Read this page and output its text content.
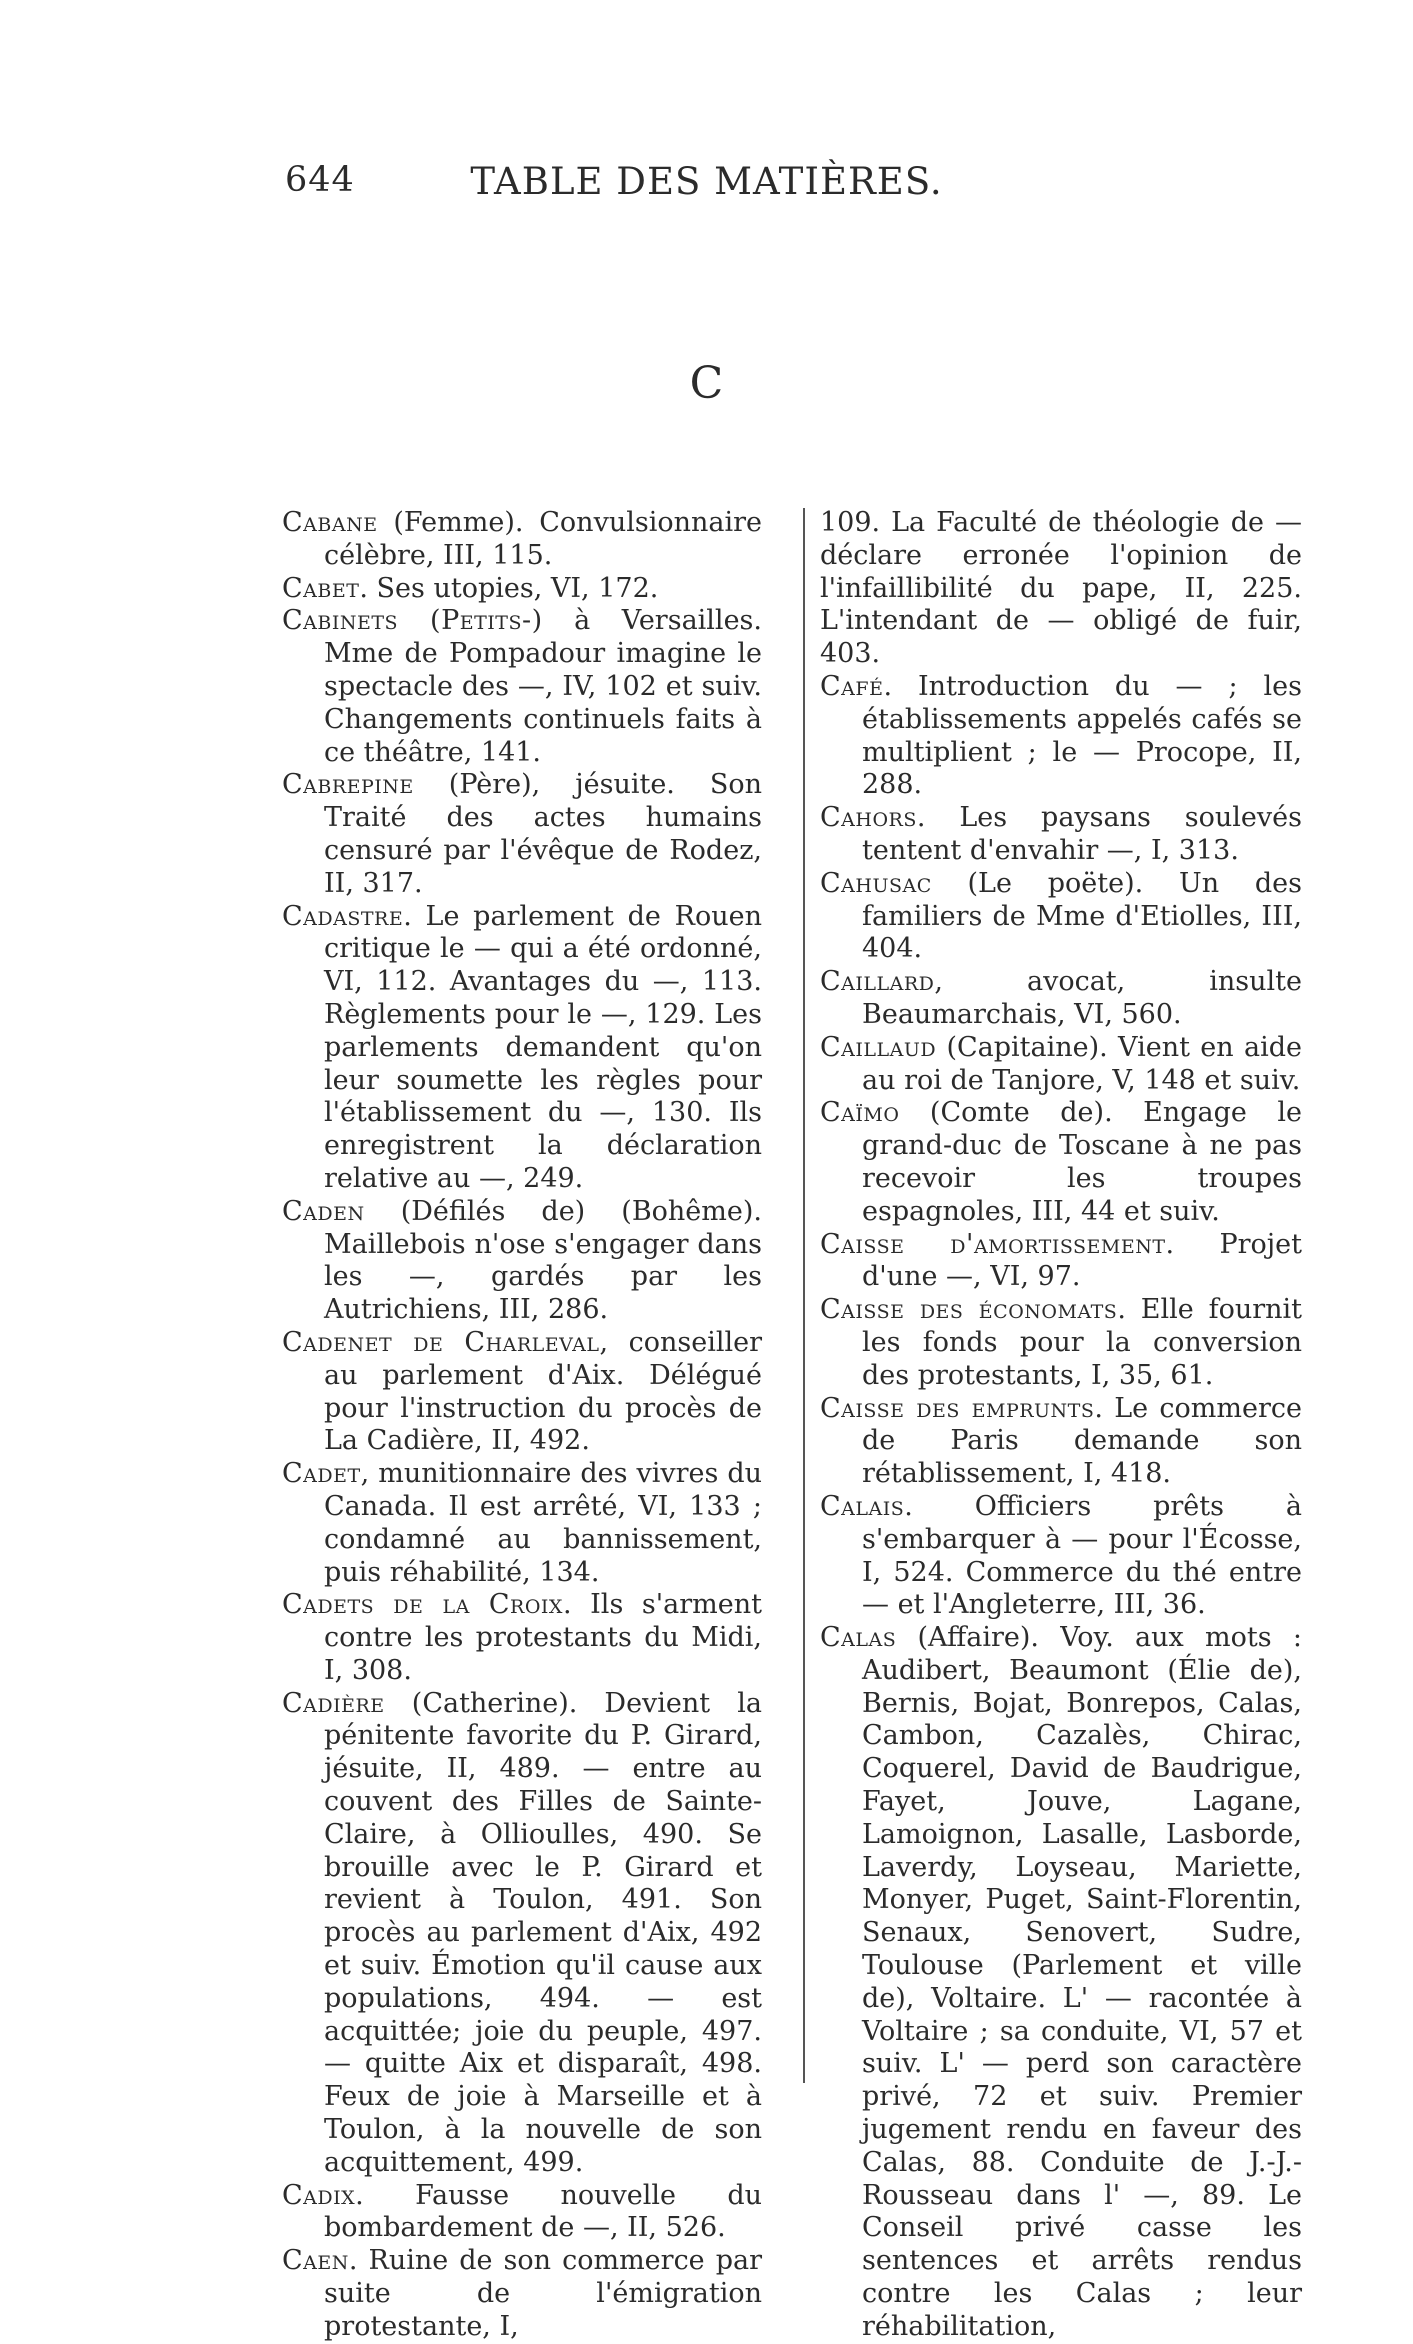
TABLE DES MATIÈRES.
644
C

Cabane (Femme). Convulsionnaire célèbre, III, 115.

Cabet. Ses utopies, VI, 172.

Cabinets (Petits-) à Versailles. Mme de Pompadour imagine le spectacle des —, IV, 102 et suiv. Changements continuels faits à ce théâtre, 141.

Cabrepine (Père), jésuite. Son Traité des actes humains censuré par l'évêque de Rodez, II, 317.

Cadastre. Le parlement de Rouen critique le — qui a été ordonné, VI, 112. Avantages du —, 113. Règlements pour le —, 129. Les parlements demandent qu'on leur soumette les règles pour l'établissement du —, 130. Ils enregistrent la déclaration relative au —, 249.

Caden (Défilés de) (Bohême). Maillebois n'ose s'engager dans les —, gardés par les Autrichiens, III, 286.

Cadenet de Charleval, conseiller au parlement d'Aix. Délégué pour l'instruction du procès de La Cadière, II, 492.

Cadet, munitionnaire des vivres du Canada. Il est arrêté, VI, 133 ; condamné au bannissement, puis réhabilité, 134.

Cadets de la Croix. Ils s'arment contre les protestants du Midi, I, 308.

Cadière (Catherine). Devient la pénitente favorite du P. Girard, jésuite, II, 489. — entre au couvent des Filles de Sainte-Claire, à Ollioulles, 490. Se brouille avec le P. Girard et revient à Toulon, 491. Son procès au parlement d'Aix, 492 et suiv. Émotion qu'il cause aux populations, 494. — est acquittée; joie du peuple, 497.— quitte Aix et disparaît, 498. Feux de joie à Marseille et à Toulon, à la nouvelle de son acquittement, 499.

Cadix. Fausse nouvelle du bombardement de —, II, 526.

Caen. Ruine de son commerce par suite de l'émigration protestante, I,

109. La Faculté de théologie de — déclare erronée l'opinion de l'infaillibilité du pape, II, 225. L'intendant de — obligé de fuir, 403.

Café. Introduction du — ; les établissements appelés cafés se multiplient ; le — Procope, II, 288.

Cahors. Les paysans soulevés tentent d'envahir —, I, 313.

Cahusac (Le poëte). Un des familiers de Mme d'Etiolles, III, 404.

Caillard, avocat, insulte Beaumarchais, VI, 560.

Caillaud (Capitaine). Vient en aide au roi de Tanjore, V, 148 et suiv.

Caïmo (Comte de). Engage le grand-duc de Toscane à ne pas recevoir les troupes espagnoles, III, 44 et suiv.

Caisse d'amortissement. Projet d'une —, VI, 97.

Caisse des économats. Elle fournit les fonds pour la conversion des protestants, I, 35, 61.

Caisse des emprunts. Le commerce de Paris demande son rétablissement, I, 418.

Calais. Officiers prêts à s'embarquer à — pour l'Écosse, I, 524. Commerce du thé entre — et l'Angleterre, III, 36.

Calas (Affaire). Voy. aux mots : Audibert, Beaumont (Élie de), Bernis, Bojat, Bonrepos, Calas, Cambon, Cazalès, Chirac, Coquerel, David de Baudrigue, Fayet, Jouve, Lagane, Lamoignon, Lasalle, Lasborde, Laverdy, Loyseau, Mariette, Monyer, Puget, Saint-Florentin, Senaux, Senovert, Sudre, Toulouse (Parlement et ville de), Voltaire. L' — racontée à Voltaire ; sa conduite, VI, 57 et suiv. L' — perd son caractère privé, 72 et suiv. Premier jugement rendu en faveur des Calas, 88. Conduite de J.-J.-Rousseau dans l' —, 89. Le Conseil privé casse les sentences et arrêts rendus contre les Calas ; leur réhabilitation,
